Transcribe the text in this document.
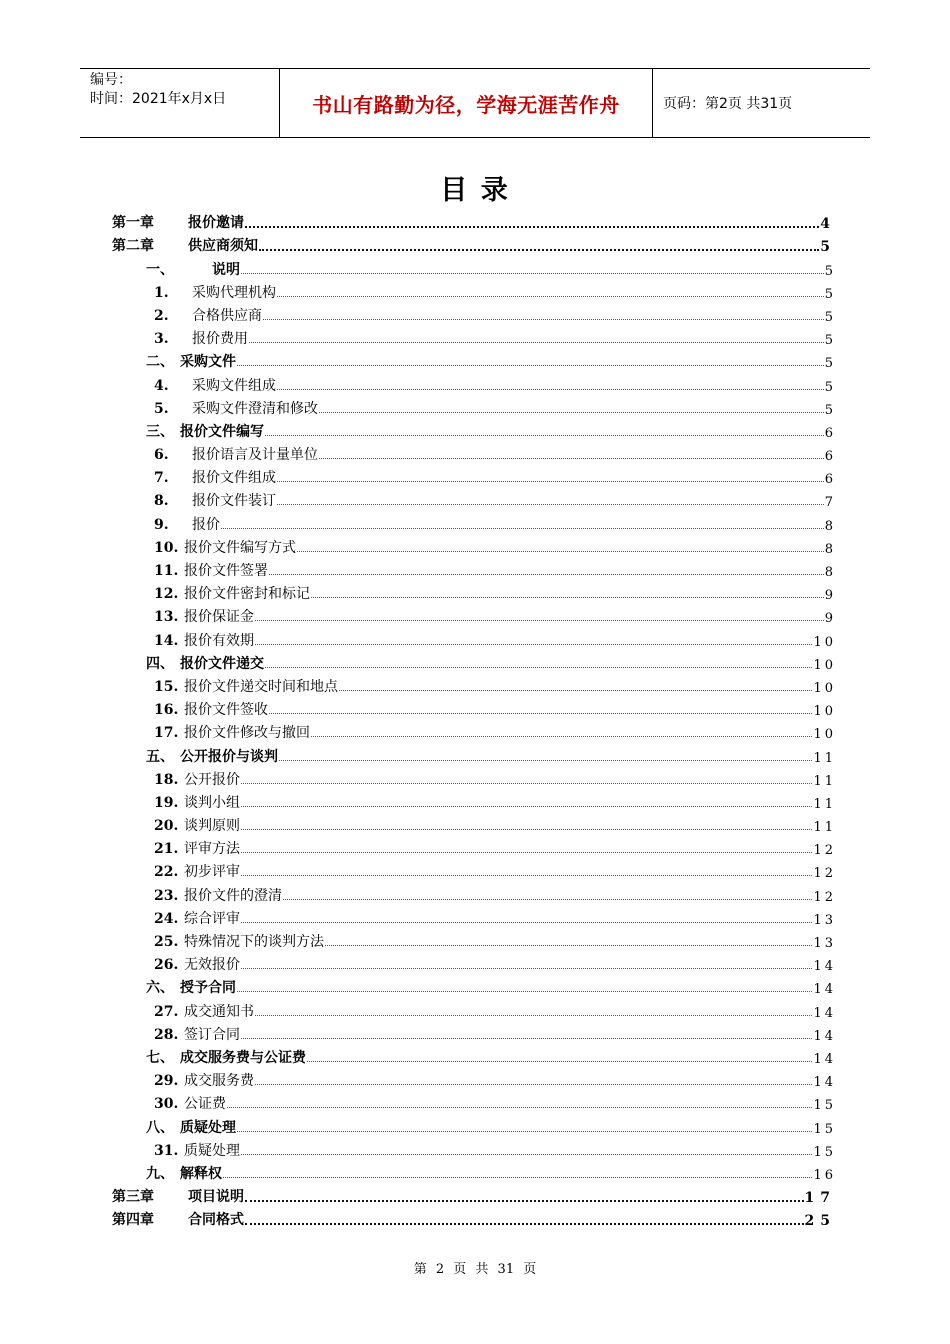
编号：
时间：2021年x月x日	书山有路勤为径，学海无涯苦作舟	页码：第2页 共31页
目 录
第一章 报价邀请	4
第二章 供应商须知	5
一、	说明	5
1. 采购代理机构	5
2. 合格供应商	5
3. 报价费用	5
二、 采购文件	5
4. 采购文件组成	5
5. 采购文件澄清和修改	5
三、 报价文件编写	6
6. 报价语言及计量单位	6
7. 报价文件组成	6
8. 报价文件装订	7
9. 报价	8
10. 报价文件编写方式	8
11. 报价文件签署	8
12. 报价文件密封和标记	9
13. 报价保证金	9
14. 报价有效期	10
四、 报价文件递交	10
15. 报价文件递交时间和地点	10
16. 报价文件签收	10
17. 报价文件修改与撤回	10
五、 公开报价与谈判	11
18. 公开报价	11
19. 谈判小组	11
20. 谈判原则	11
21. 评审方法	12
22. 初步评审	12
23. 报价文件的澄清	12
24. 综合评审	13
25. 特殊情况下的谈判方法	13
26. 无效报价	14
六、 授予合同	14
27. 成交通知书	14
28. 签订合同	14
七、 成交服务费与公证费	14
29. 成交服务费	14
30. 公证费	15
八、 质疑处理	15
31. 质疑处理	15
九、 解释权	16
第三章 项目说明	17
第四章 合同格式	25
第 2 页 共 31 页
